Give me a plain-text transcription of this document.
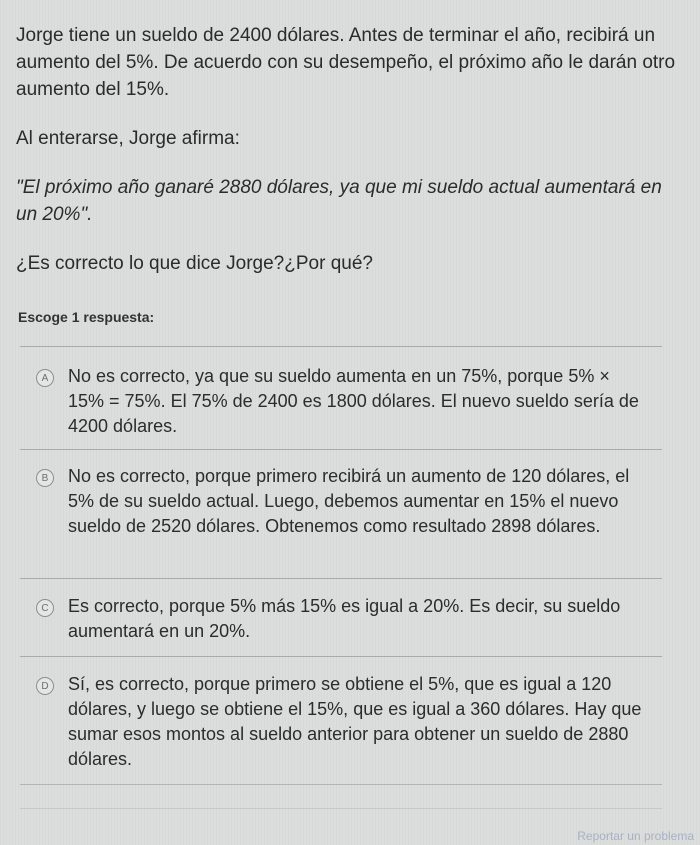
Jorge tiene un sueldo de 2400 dólares. Antes de terminar el año, recibirá un aumento del 5%. De acuerdo con su desempeño, el próximo año le darán otro aumento del 15%.

Al enterarse, Jorge afirma:

"El próximo año ganaré 2880 dólares, ya que mi sueldo actual aumentará en un 20%".

¿Es correcto lo que dice Jorge?¿Por qué?

Escoge 1 respuesta:
A	No es correcto, ya que su sueldo aumenta en un 75%, porque 5% × 15% = 75%. El 75% de 2400 es 1800 dólares. El nuevo sueldo sería de 4200 dólares.
B	No es correcto, porque primero recibirá un aumento de 120 dólares, el 5% de su sueldo actual. Luego, debemos aumentar en 15% el nuevo sueldo de 2520 dólares. Obtenemos como resultado 2898 dólares.
C Es correcto, porque 5% más 15% es igual a 20%. Es decir, su sueldo aumentará en un 20%.
D Sí, es correcto, porque primero se obtiene el 5%, que es igual a 120 dólares, y luego se obtiene el 15%, que es igual a 360 dólares. Hay que sumar esos montos al sueldo anterior para obtener un sueldo de 2880 dólares.
Reportar un problema
